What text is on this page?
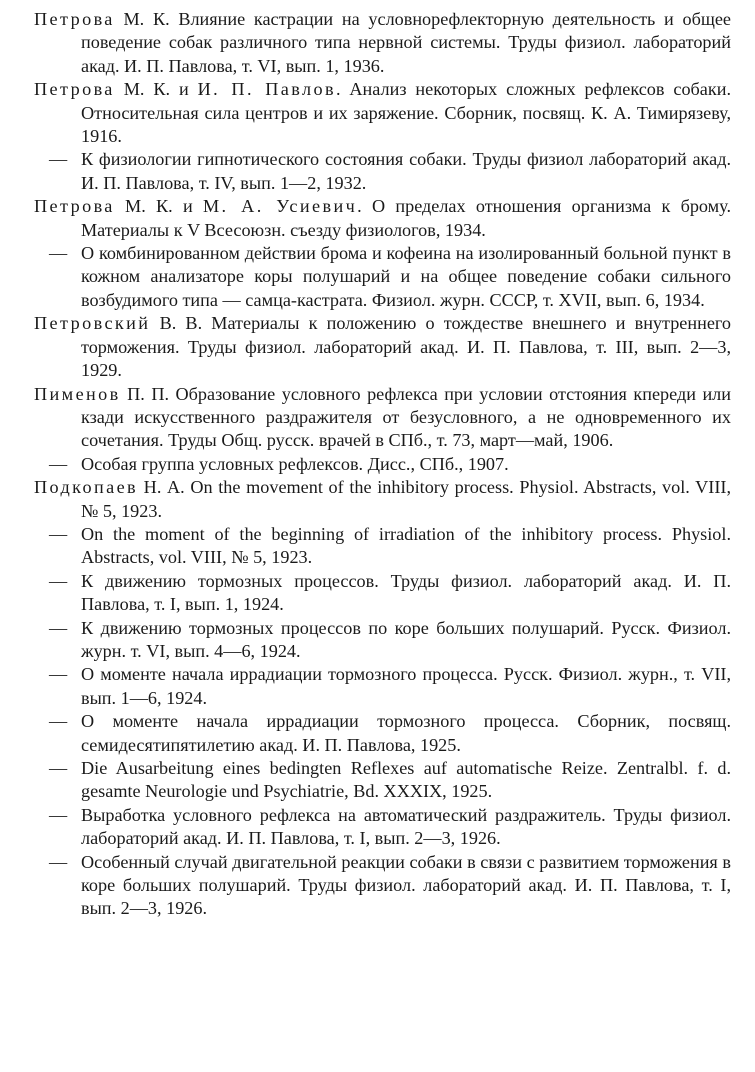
Петрова М. К. Влияние кастрации на условнорефлекторную деятельность и общее поведение собак различного типа нервной системы. Труды физиол. лабораторий акад. И. П. Павлова, т. VI, вып. 1, 1936.

Петрова М. К. и И. П. Павлов. Анализ некоторых сложных рефлексов собаки. Относительная сила центров и их заряжение. Сборник, посвящ. К. А. Тимирязеву, 1916.

— К физиологии гипнотического состояния собаки. Труды физиол лабораторий акад. И. П. Павлова, т. IV, вып. 1—2, 1932.

Петрова М. К. и М. А. Усиевич. О пределах отношения организма к брому. Материалы к V Всесоюзн. съезду физиологов, 1934.

— О комбинированном действии брома и кофеина на изолированный больной пункт в кожном анализаторе коры полушарий и на общее поведение собаки сильного возбудимого типа — самца-кастрата. Физиол. журн. СССР, т. XVII, вып. 6, 1934.

Петровский В. В. Материалы к положению о тождестве внешнего и внутреннего торможения. Труды физиол. лабораторий акад. И. П. Павлова, т. III, вып. 2—3, 1929.

Пименов П. П. Образование условного рефлекса при условии отстояния кпереди или кзади искусственного раздражителя от безусловного, а не одновременного их сочетания. Труды Общ. русск. врачей в СПб., т. 73, март—май, 1906.

— Особая группа условных рефлексов. Дисс., СПб., 1907.

Подкопаев Н. А. On the movement of the inhibitory process. Physiol. Abstracts, vol. VIII, № 5, 1923.

— On the moment of the beginning of irradiation of the inhibitory process. Physiol. Abstracts, vol. VIII, № 5, 1923.

— К движению тормозных процессов. Труды физиол. лабораторий акад. И. П. Павлова, т. I, вып. 1, 1924.

— К движению тормозных процессов по коре больших полушарий. Русск. Физиол. журн. т. VI, вып. 4—6, 1924.

— О моменте начала иррадиации тормозного процесса. Русск. Физиол. журн., т. VII, вып. 1—6, 1924.

— О моменте начала иррадиации тормозного процесса. Сборник, посвящ. семидесятипятилетию акад. И. П. Павлова, 1925.

— Die Ausarbeitung eines bedingten Reflexes auf automatische Reize. Zentralbl. f. d. gesamte Neurologie und Psychiatrie, Bd. XXXIX, 1925.

— Выработка условного рефлекса на автоматический раздражитель. Труды физиол. лабораторий акад. И. П. Павлова, т. I, вып. 2—3, 1926.

— Особенный случай двигательной реакции собаки в связи с развитием торможения в коре больших полушарий. Труды физиол. лабораторий акад. И. П. Павлова, т. I, вып. 2—3, 1926.
